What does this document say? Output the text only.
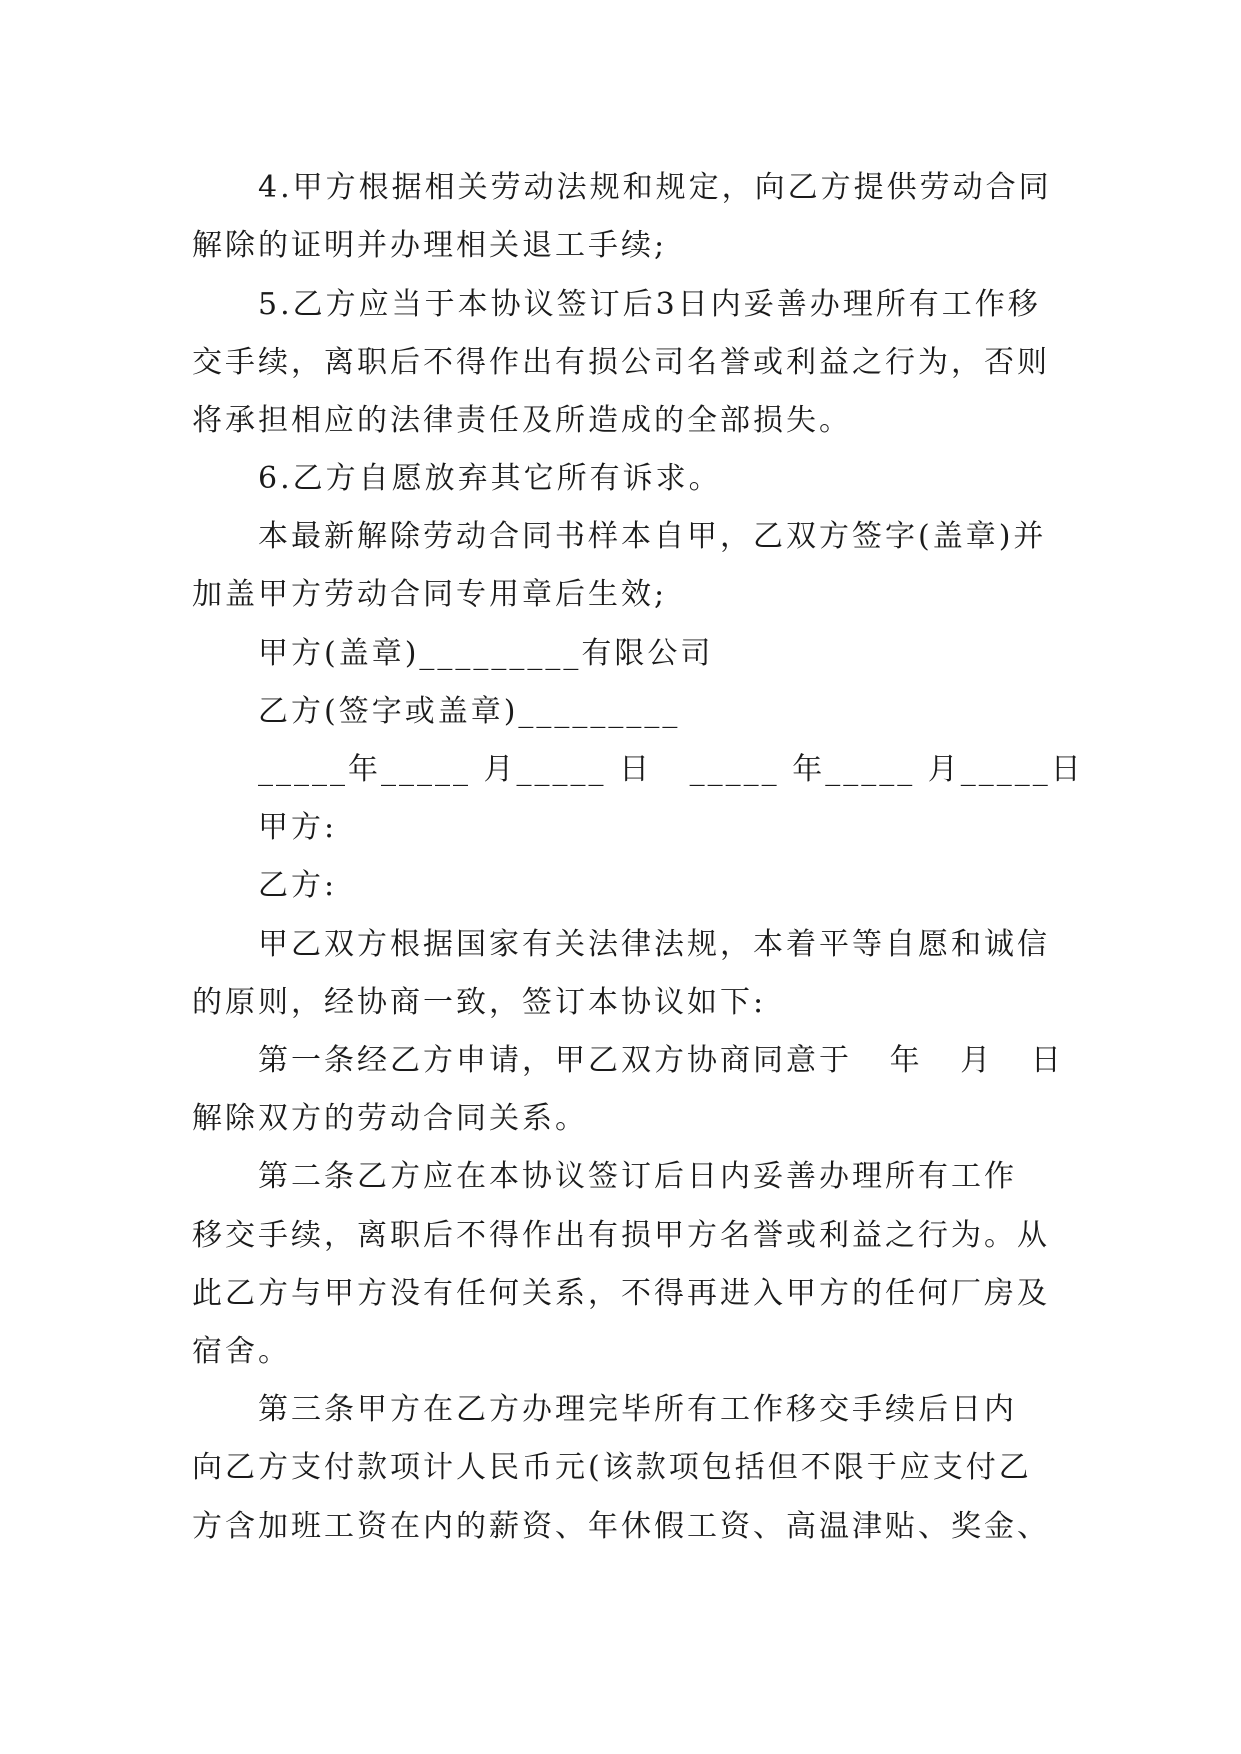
4.甲方根据相关劳动法规和规定，向乙方提供劳动合同
解除的证明并办理相关退工手续;
5.乙方应当于本协议签订后3日内妥善办理所有工作移
交手续，离职后不得作出有损公司名誉或利益之行为，否则
将承担相应的法律责任及所造成的全部损失。
6.乙方自愿放弃其它所有诉求。
本最新解除劳动合同书样本自甲，乙双方签字(盖章)并
加盖甲方劳动合同专用章后生效;
甲方(盖章)_________有限公司
乙方(签字或盖章)_________
_____年_____ 月_____ 日   _____ 年_____ 月_____日
甲方:
乙方:
甲乙双方根据国家有关法律法规，本着平等自愿和诚信
的原则，经协商一致，签订本协议如下:
第一条经乙方申请，甲乙双方协商同意于   年   月   日
解除双方的劳动合同关系。
第二条乙方应在本协议签订后日内妥善办理所有工作
移交手续，离职后不得作出有损甲方名誉或利益之行为。从
此乙方与甲方没有任何关系，不得再进入甲方的任何厂房及
宿舍。
第三条甲方在乙方办理完毕所有工作移交手续后日内
向乙方支付款项计人民币元(该款项包括但不限于应支付乙
方含加班工资在内的薪资、年休假工资、高温津贴、奖金、
